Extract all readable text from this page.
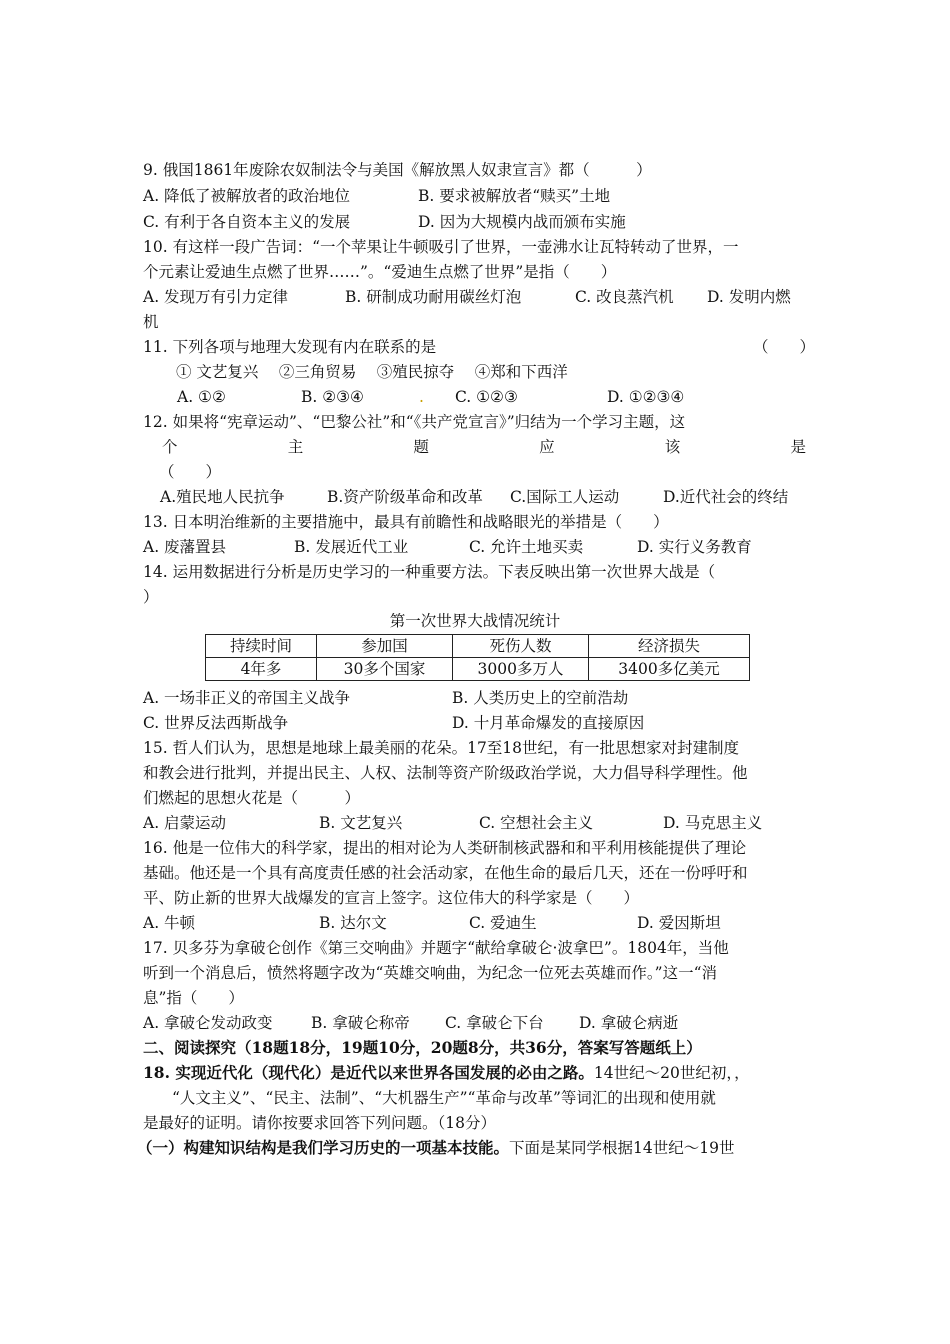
9. 俄国1861年废除农奴制法令与美国《解放黑人奴隶宣言》都（　　　）
A. 降低了被解放者的政治地位	B. 要求被解放者“赎买”土地
C. 有利于各自资本主义的发展	D. 因为大规模内战而颁布实施
10. 有这样一段广告词：“一个苹果让牛顿吸引了世界，一壶沸水让瓦特转动了世界，一
个元素让爱迪生点燃了世界……”。“爱迪生点燃了世界”是指（　　）
A. 发现万有引力定律	B. 研制成功耐用碳丝灯泡	C. 改良蒸汽机 D. 发明内燃
机
11. 下列各项与地理大发现有内在联系的是	（　　）
① 文艺复兴　 ②三角贸易　 ③殖民掠夺　 ④郑和下西洋
A. ①②	B. ②③④	. C. ①②③	D. ①②③④
12. 如果将“宪章运动”、“巴黎公社”和“《共产党宣言》”归结为一个学习主题，这
个	主	题	应	该	是
（　　）
A.殖民地人民抗争	B.资产阶级革命和改革 C.国际工人运动	D.近代社会的终结
13. 日本明治维新的主要措施中，最具有前瞻性和战略眼光的举措是（　　）
A. 废藩置县	B. 发展近代工业	C. 允许土地买卖	D. 实行义务教育
14. 运用数据进行分析是历史学习的一种重要方法。下表反映出第一次世界大战是（
）
第一次世界大战情况统计
持续时间	参加国	死伤人数	经济损失
4年多	30多个国家	3000多万人	3400多亿美元
A. 一场非正义的帝国主义战争	B. 人类历史上的空前浩劫
C. 世界反法西斯战争	D. 十月革命爆发的直接原因
15. 哲人们认为，思想是地球上最美丽的花朵。17至18世纪，有一批思想家对封建制度
和教会进行批判，并提出民主、人权、法制等资产阶级政治学说，大力倡导科学理性。他
们燃起的思想火花是（　　　）
A. 启蒙运动	B. 文艺复兴	C. 空想社会主义	D. 马克思主义
16. 他是一位伟大的科学家，提出的相对论为人类研制核武器和和平利用核能提供了理论
基础。他还是一个具有高度责任感的社会活动家，在他生命的最后几天，还在一份呼吁和
平、防止新的世界大战爆发的宣言上签字。这位伟大的科学家是（　　）
A. 牛顿	B. 达尔文	C. 爱迪生	D. 爱因斯坦
17. 贝多芬为拿破仑创作《第三交响曲》并题字“献给拿破仑·波拿巴”。1804年，当他
听到一个消息后，愤然将题字改为“英雄交响曲，为纪念一位死去英雄而作。”这一“消
息”指（　　）
A. 拿破仑发动政变 B. 拿破仑称帝 C. 拿破仑下台 D. 拿破仑病逝
二、阅读探究（18题18分，19题10分，20题8分，共36分，答案写答题纸上）
18. 实现近代化（现代化）是近代以来世界各国发展的必由之路。14世纪～20世纪初，，
“人文主义”、“民主、法制”、“大机器生产”“革命与改革”等词汇的出现和使用就
是最好的证明。请你按要求回答下列问题。（18分）
（一）构建知识结构是我们学习历史的一项基本技能。下面是某同学根据14世纪～19世
